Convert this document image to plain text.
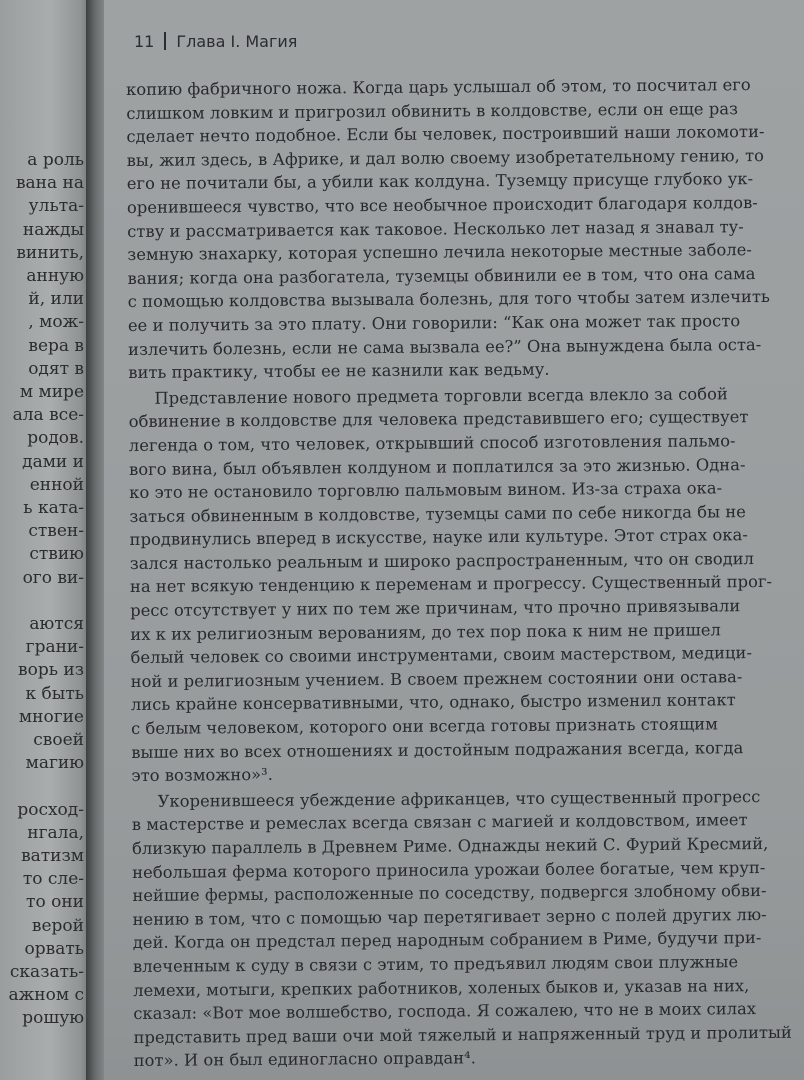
а роль
вана на
ульта-
нажды
винить,
анную
й, или
, мож-
вера в
одят в
м мире
ала все-
родов.
дами и
енной
ь ката-
ствен-
ствию
ого ви-
аются
грани-
ворь из
к быть
многие
своей
магию
росход-
нгала,
ватизм
то сле-
то они
верой
орвать
сказать-
ажном с
рошую
11 Глава I. Магия
копию фабричного ножа. Когда царь услышал об этом, то посчитал его
слишком ловким и пригрозил обвинить в колдовстве, если он еще раз
сделает нечто подобное. Если бы человек, построивший наши локомоти-
вы, жил здесь, в Африке, и дал волю своему изобретательному гению, то
его не почитали бы, а убили как колдуна. Туземцу присуще глубоко ук-
оренившееся чувство, что все необычное происходит благодаря колдов-
ству и рассматривается как таковое. Несколько лет назад я знавал ту-
земную знахарку, которая успешно лечила некоторые местные заболе-
вания; когда она разбогатела, туземцы обвинили ее в том, что она сама
с помощью колдовства вызывала болезнь, для того чтобы затем излечить
ее и получить за это плату. Они говорили: “Как она может так просто
излечить болезнь, если не сама вызвала ее?” Она вынуждена была оста-
вить практику, чтобы ее не казнили как ведьму.
Представление нового предмета торговли всегда влекло за собой
обвинение в колдовстве для человека представившего его; существует
легенда о том, что человек, открывший способ изготовления пальмо-
вого вина, был объявлен колдуном и поплатился за это жизнью. Одна-
ко это не остановило торговлю пальмовым вином. Из-за страха ока-
заться обвиненным в колдовстве, туземцы сами по себе никогда бы не
продвинулись вперед в искусстве, науке или культуре. Этот страх ока-
зался настолько реальным и широко распространенным, что он сводил
на нет всякую тенденцию к переменам и прогрессу. Существенный прог-
ресс отсутствует у них по тем же причинам, что прочно привязывали
их к их религиозным верованиям, до тех пор пока к ним не пришел
белый человек со своими инструментами, своим мастерством, медици-
ной и религиозным учением. В своем прежнем состоянии они остава-
лись крайне консервативными, что, однако, быстро изменил контакт
с белым человеком, которого они всегда готовы признать стоящим
выше них во всех отношениях и достойным подражания всегда, когда
это возможно»³.
Укоренившееся убеждение африканцев, что существенный прогресс
в мастерстве и ремеслах всегда связан с магией и колдовством, имеет
близкую параллель в Древнем Риме. Однажды некий С. Фурий Кресмий,
небольшая ферма которого приносила урожаи более богатые, чем круп-
нейшие фермы, расположенные по соседству, подвергся злобному обви-
нению в том, что с помощью чар перетягивает зерно с полей других лю-
дей. Когда он предстал перед народным собранием в Риме, будучи при-
влеченным к суду в связи с этим, то предъявил людям свои плужные
лемехи, мотыги, крепких работников, холеных быков и, указав на них,
сказал: «Вот мое волшебство, господа. Я сожалею, что не в моих силах
представить пред ваши очи мой тяжелый и напряженный труд и пролитый
пот». И он был единогласно оправдан⁴.
